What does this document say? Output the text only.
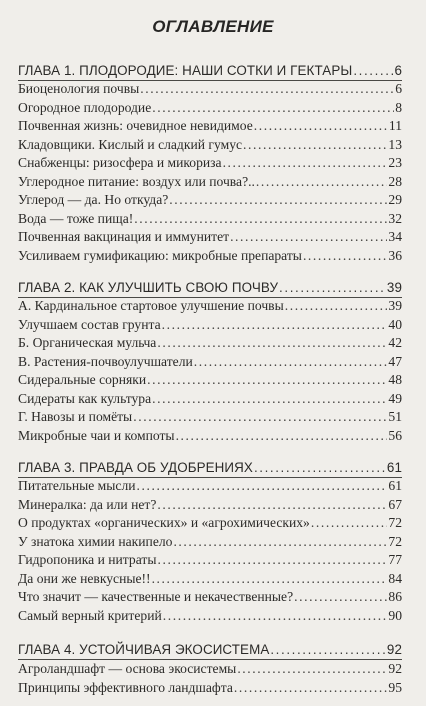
ОГЛАВЛЕНИЕ
ГЛАВА 1. ПЛОДОРОДИЕ: НАШИ СОТКИ И ГЕКТАРЫ .....	6
Биоценология почвы .....	6
Огородное плодородие .....	8
Почвенная жизнь: очевидное невидимое .....	11
Кладовщики. Кислый и сладкий гумус .....	13
Снабженцы: ризосфера и микориза .....	23
Углеродное питание: воздух или почва?.. .....	28
Углерод — да. Но откуда? .....	29
Вода — тоже пища! .....	32
Почвенная вакцинация и иммунитет .....	34
Усиливаем гумификацию: микробные препараты .....	36
ГЛАВА 2. КАК УЛУЧШИТЬ СВОЮ ПОЧВУ .....	39
А. Кардинальное стартовое улучшение почвы .....	39
Улучшаем состав грунта .....	40
Б. Органическая мульча .....	42
В. Растения-почвоулучшатели .....	47
Сидеральные сорняки .....	48
Сидераты как культура .....	49
Г. Навозы и помёты .....	51
Микробные чаи и компоты .....	56
ГЛАВА 3. ПРАВДА ОБ УДОБРЕНИЯХ .....	61
Питательные мысли .....	61
Минералка: да или нет? .....	67
О продуктах «органических» и «агрохимических» .....	72
У знатока химии накипело .....	72
Гидропоника и нитраты .....	77
Да они же невкусные!! .....	84
Что значит — качественные и некачественные? .....	86
Самый верный критерий .....	90
ГЛАВА 4. УСТОЙЧИВАЯ ЭКОСИСТЕМА .....	92
Агроландшафт — основа экосистемы .....	92
Принципы эффективного ландшафта .....	95
